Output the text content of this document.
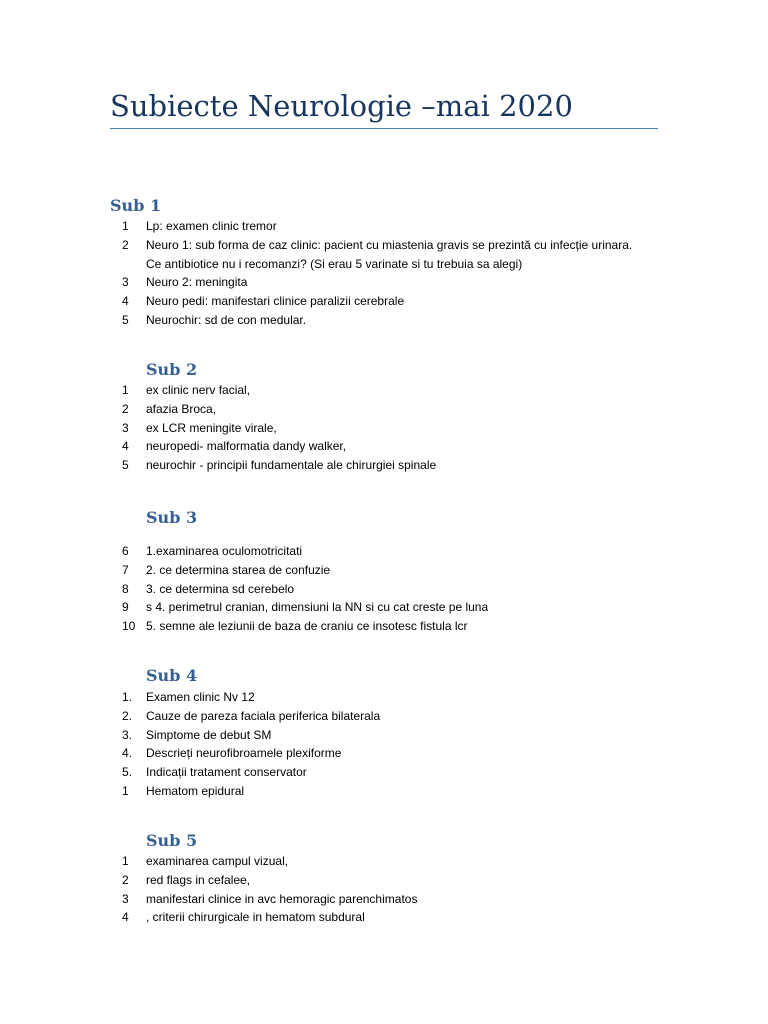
Subiecte Neurologie –mai 2020
Sub 1
1 Lp: examen clinic tremor
2 Neuro 1: sub forma de caz clinic: pacient cu miastenia gravis se prezintă cu infecție urinara. Ce antibiotice nu i recomanzi? (Si erau 5 varinate si tu trebuia sa alegi)
3 Neuro 2: meningita
4 Neuro pedi: manifestari clinice paralizii cerebrale
5 Neurochir: sd de con medular.
Sub 2
1 ex clinic nerv facial,
2 afazia Broca,
3 ex LCR meningite virale,
4 neuropedi- malformatia dandy walker,
5 neurochir - principii fundamentale ale chirurgiei spinale
Sub 3
6 1.examinarea oculomotricitati
7 2. ce determina starea de confuzie
8 3. ce determina sd cerebelo
9 s 4. perimetrul cranian, dimensiuni la NN si cu cat creste pe luna
10 5. semne ale leziunii de baza de craniu ce insotesc fistula lcr
Sub 4
1. Examen clinic Nv 12
2. Cauze de pareza faciala periferica bilaterala
3. Simptome de debut SM
4. Descrieți neurofibroamele plexiforme
5. Indicații tratament conservator
1 Hematom epidural
Sub 5
1 examinarea campul vizual,
2 red flags in cefalee,
3 manifestari clinice in avc hemoragic parenchimatos
4 , criterii chirurgicale in hematom subdural
